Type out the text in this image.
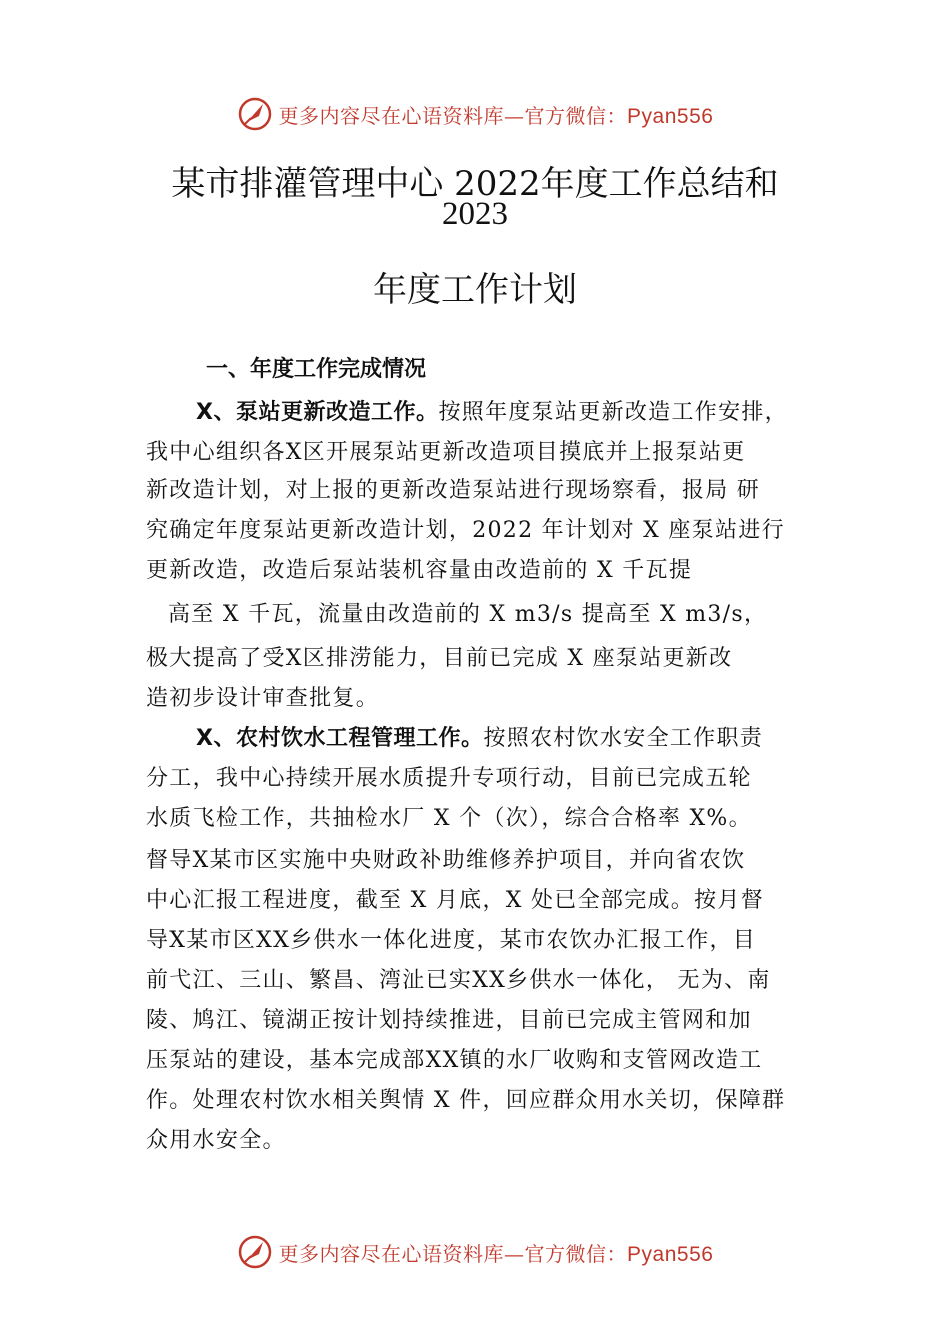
更多内容尽在心语资料库—官方微信：Pyan556
某市排灌管理中心 2022年度工作总结和
2023
年度工作计划
一、年度工作完成情况
X、泵站更新改造工作。按照年度泵站更新改造工作安排，
我中心组织各X区开展泵站更新改造项目摸底并上报泵站更
新改造计划，对上报的更新改造泵站进行现场察看，报局 研
究确定年度泵站更新改造计划，2022 年计划对 X 座泵站进行
更新改造，改造后泵站装机容量由改造前的 X 千瓦提
高至 X 千瓦，流量由改造前的 X m3/s 提高至 X m3/s，
极大提高了受X区排涝能力，目前已完成 X 座泵站更新改
造初步设计审查批复。
X、农村饮水工程管理工作。按照农村饮水安全工作职责
分工，我中心持续开展水质提升专项行动，目前已完成五轮
水质飞检工作，共抽检水厂 X 个（次），综合合格率 X%。
督导X某市区实施中央财政补助维修养护项目，并向省农饮
中心汇报工程进度，截至 X 月底，X 处已全部完成。按月督
导X某市区XX乡供水一体化进度，某市农饮办汇报工作，目
前弋江、三山、繁昌、湾沚已实XX乡供水一体化， 无为、南
陵、鸠江、镜湖正按计划持续推进，目前已完成主管网和加
压泵站的建设，基本完成部XX镇的水厂收购和支管网改造工
作。处理农村饮水相关舆情 X 件，回应群众用水关切，保障群
众用水安全。
更多内容尽在心语资料库—官方微信：Pyan556
